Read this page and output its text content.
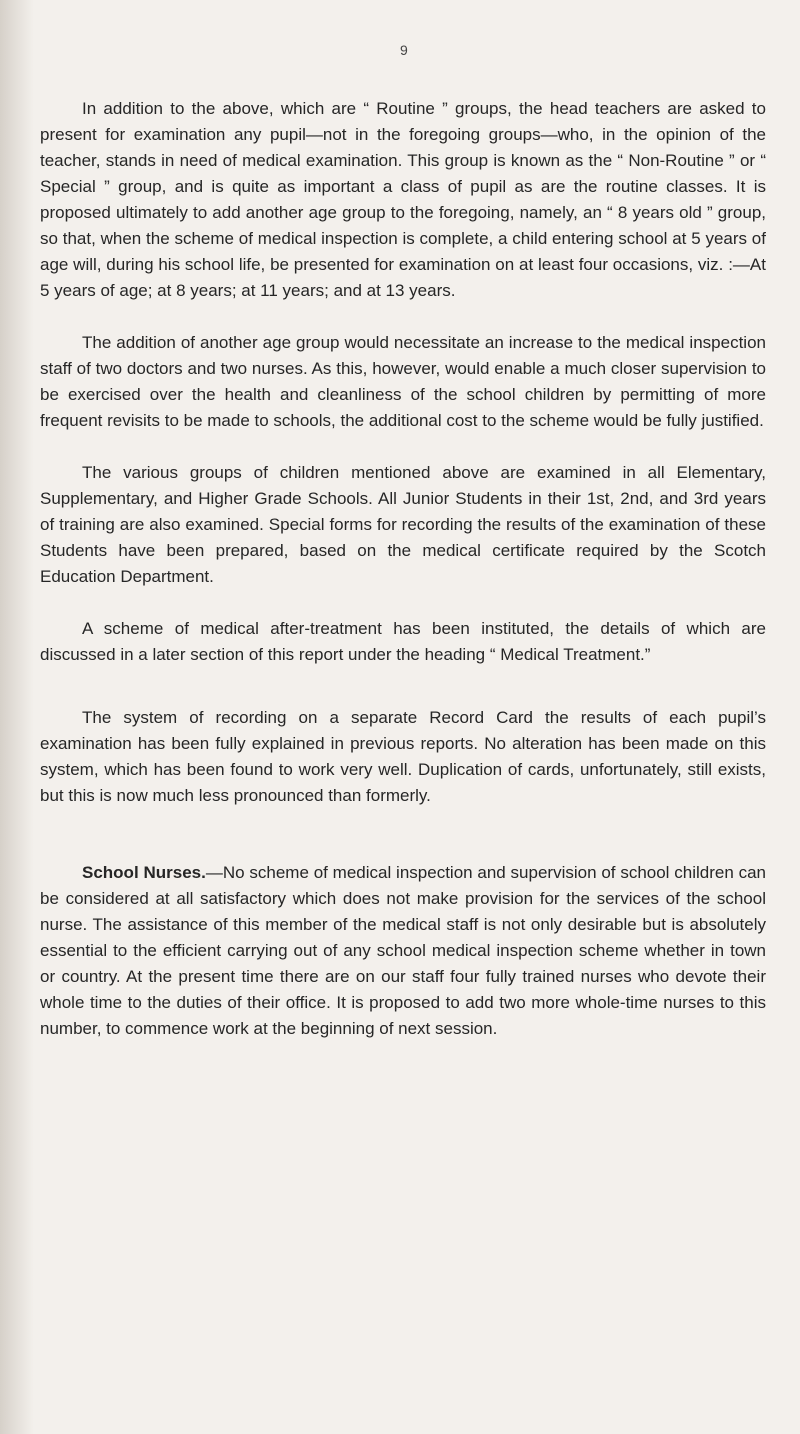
9

In addition to the above, which are “ Routine ” groups, the head teachers are asked to present for examination any pupil—not in the foregoing groups—who, in the opinion of the teacher, stands in need of medical examination. This group is known as the “ Non-Routine ” or “ Special ” group, and is quite as important a class of pupil as are the routine classes. It is proposed ultimately to add another age group to the foregoing, namely, an “ 8 years old ” group, so that, when the scheme of medical inspection is complete, a child entering school at 5 years of age will, during his school life, be presented for examination on at least four occasions, viz. :—At 5 years of age; at 8 years; at 11 years; and at 13 years.

The addition of another age group would necessitate an increase to the medical inspection staff of two doctors and two nurses. As this, however, would enable a much closer supervision to be exercised over the health and cleanliness of the school children by permitting of more frequent revisits to be made to schools, the additional cost to the scheme would be fully justified.

The various groups of children mentioned above are examined in all Elementary, Supplementary, and Higher Grade Schools. All Junior Students in their 1st, 2nd, and 3rd years of training are also examined. Special forms for recording the results of the examination of these Students have been prepared, based on the medical certificate required by the Scotch Education Department.

A scheme of medical after-treatment has been instituted, the details of which are discussed in a later section of this report under the heading “ Medical Treatment.”

The system of recording on a separate Record Card the results of each pupil’s examination has been fully explained in previous reports. No alteration has been made on this system, which has been found to work very well. Duplication of cards, unfortunately, still exists, but this is now much less pronounced than formerly.

School Nurses.—No scheme of medical inspection and supervision of school children can be considered at all satisfactory which does not make provision for the services of the school nurse. The assistance of this member of the medical staff is not only desirable but is absolutely essential to the efficient carrying out of any school medical inspection scheme whether in town or country. At the present time there are on our staff four fully trained nurses who devote their whole time to the duties of their office. It is proposed to add two more whole-time nurses to this number, to commence work at the beginning of next session.
